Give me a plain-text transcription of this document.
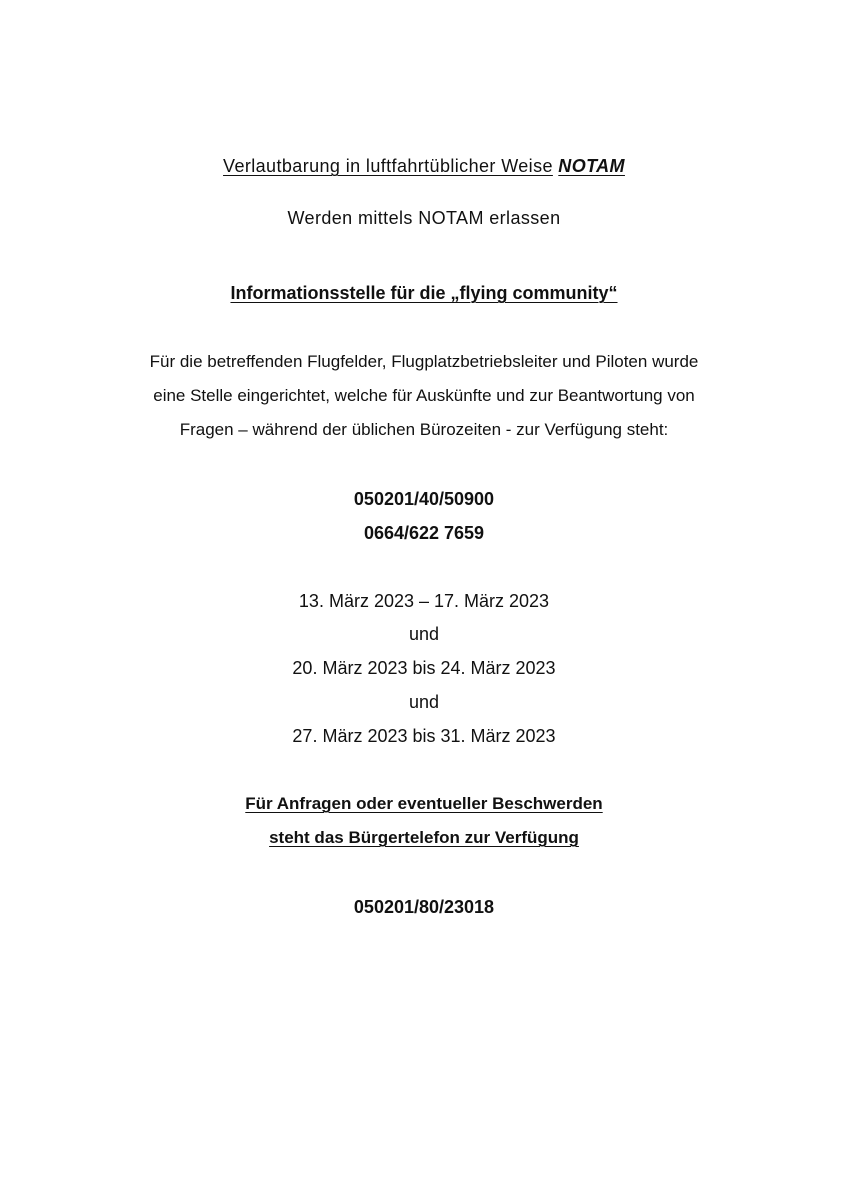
Verlautbarung in luftfahrtüblicher Weise NOTAM
Werden mittels NOTAM erlassen
Informationsstelle für die „flying community“
Für die betreffenden Flugfelder, Flugplatzbetriebsleiter und Piloten wurde
eine Stelle eingerichtet, welche für Auskünfte und zur Beantwortung von
Fragen – während der üblichen Bürozeiten - zur Verfügung steht:
050201/40/50900
0664/622 7659
13. März 2023 – 17. März 2023
und
20. März 2023 bis 24. März 2023
und
27. März 2023 bis 31. März 2023
Für Anfragen oder eventueller Beschwerden
steht das Bürgertelefon zur Verfügung
050201/80/23018
